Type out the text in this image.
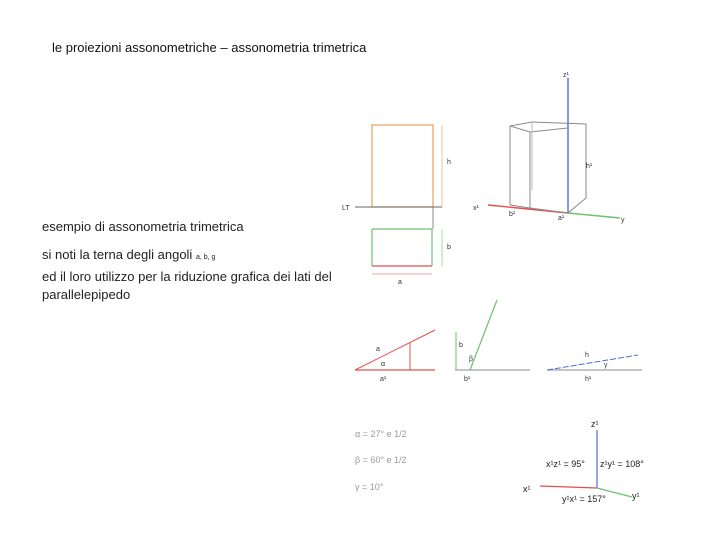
le proiezioni assonometriche – assonometria trimetrica
esempio di assonometria trimetrica
si noti la terna degli angoli a, b, g
ed il loro utilizzo per la riduzione grafica dei lati del
parallelepipedo
LT
h
b
a
z¹
h¹
x¹
b¹
a¹	y
a
α
a¹
b
β
b¹
h
γ
h¹
α = 27° e 1/2
β = 60° e 1/2
γ = 10°
z¹
x¹z¹ = 95° z¹y¹ = 108°
x¹
y¹x¹ = 157°	y¹
